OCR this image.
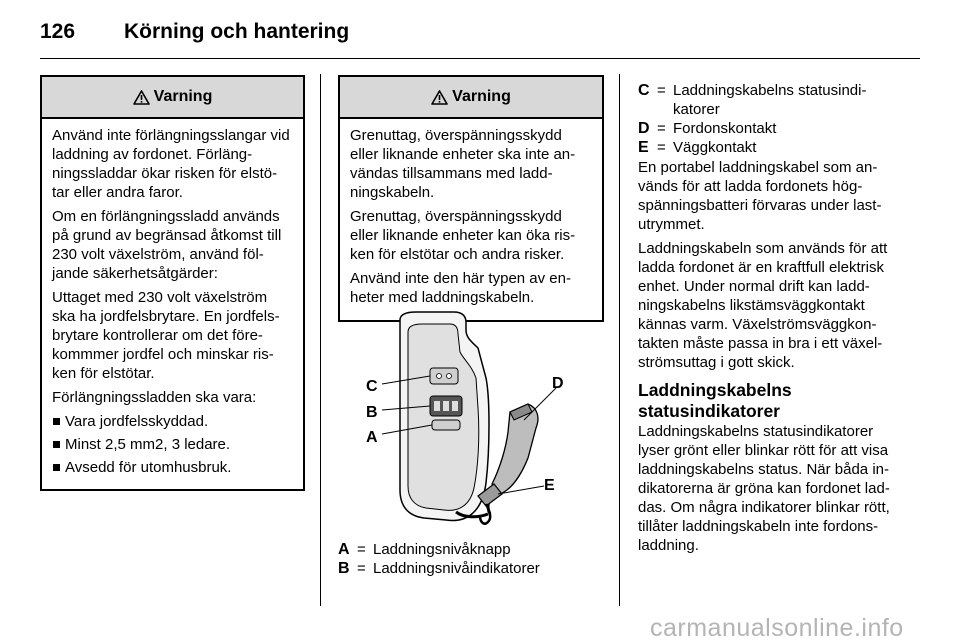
126 Körning och hantering
Varning

Använd inte förlängningsslangar vid laddning av fordonet. Förläng-ningssladdar ökar risken för elstö-tar eller andra faror.

Om en förlängningssladd används på grund av begränsad åtkomst till 230 volt växelström, använd föl-jande säkerhetsåtgärder:

Uttaget med 230 volt växelström ska ha jordfelsbrytare. En jordfels-brytare kontrollerar om det före-kommmer jordfel och minskar ris-ken för elstötar.

Förlängningssladden ska vara:

Vara jordfelsskyddad.
Minst 2,5 mm2, 3 ledare.
Avsedd för utomhusbruk.
Varning

Grenuttag, överspänningsskydd eller liknande enheter ska inte an-vändas tillsammans med ladd-ningskabeln.

Grenuttag, överspänningsskydd eller liknande enheter kan öka ris-ken för elstötar och andra risker.

Använd inte den här typen av en-heter med laddningskabeln.

C
B
A
D
E
A = Laddningsnivåknapp
B = Laddningsnivåindikatorer
C = Laddningskabelns statusindi-katorer
D = Fordonskontakt
E = Väggkontakt

En portabel laddningskabel som an-vänds för att ladda fordonets hög-spänningsbatteri förvaras under last-utrymmet.

Laddningskabeln som används för att ladda fordonet är en kraftfull elektrisk enhet. Under normal drift kan ladd-ningskabelns likstämsväggkontakt kännas varm. Växelströmsväggkon-takten måste passa in bra i ett växel-strömsuttag i gott skick.

Laddningskabelns statusindikatorer

Laddningskabelns statusindikatorer lyser grönt eller blinkar rött för att visa laddningskabelns status. När båda in-dikatorerna är gröna kan fordonet lad-das. Om några indikatorer blinkar rött, tillåter laddningskabeln inte fordons-laddning.

carmanualsonline.info
